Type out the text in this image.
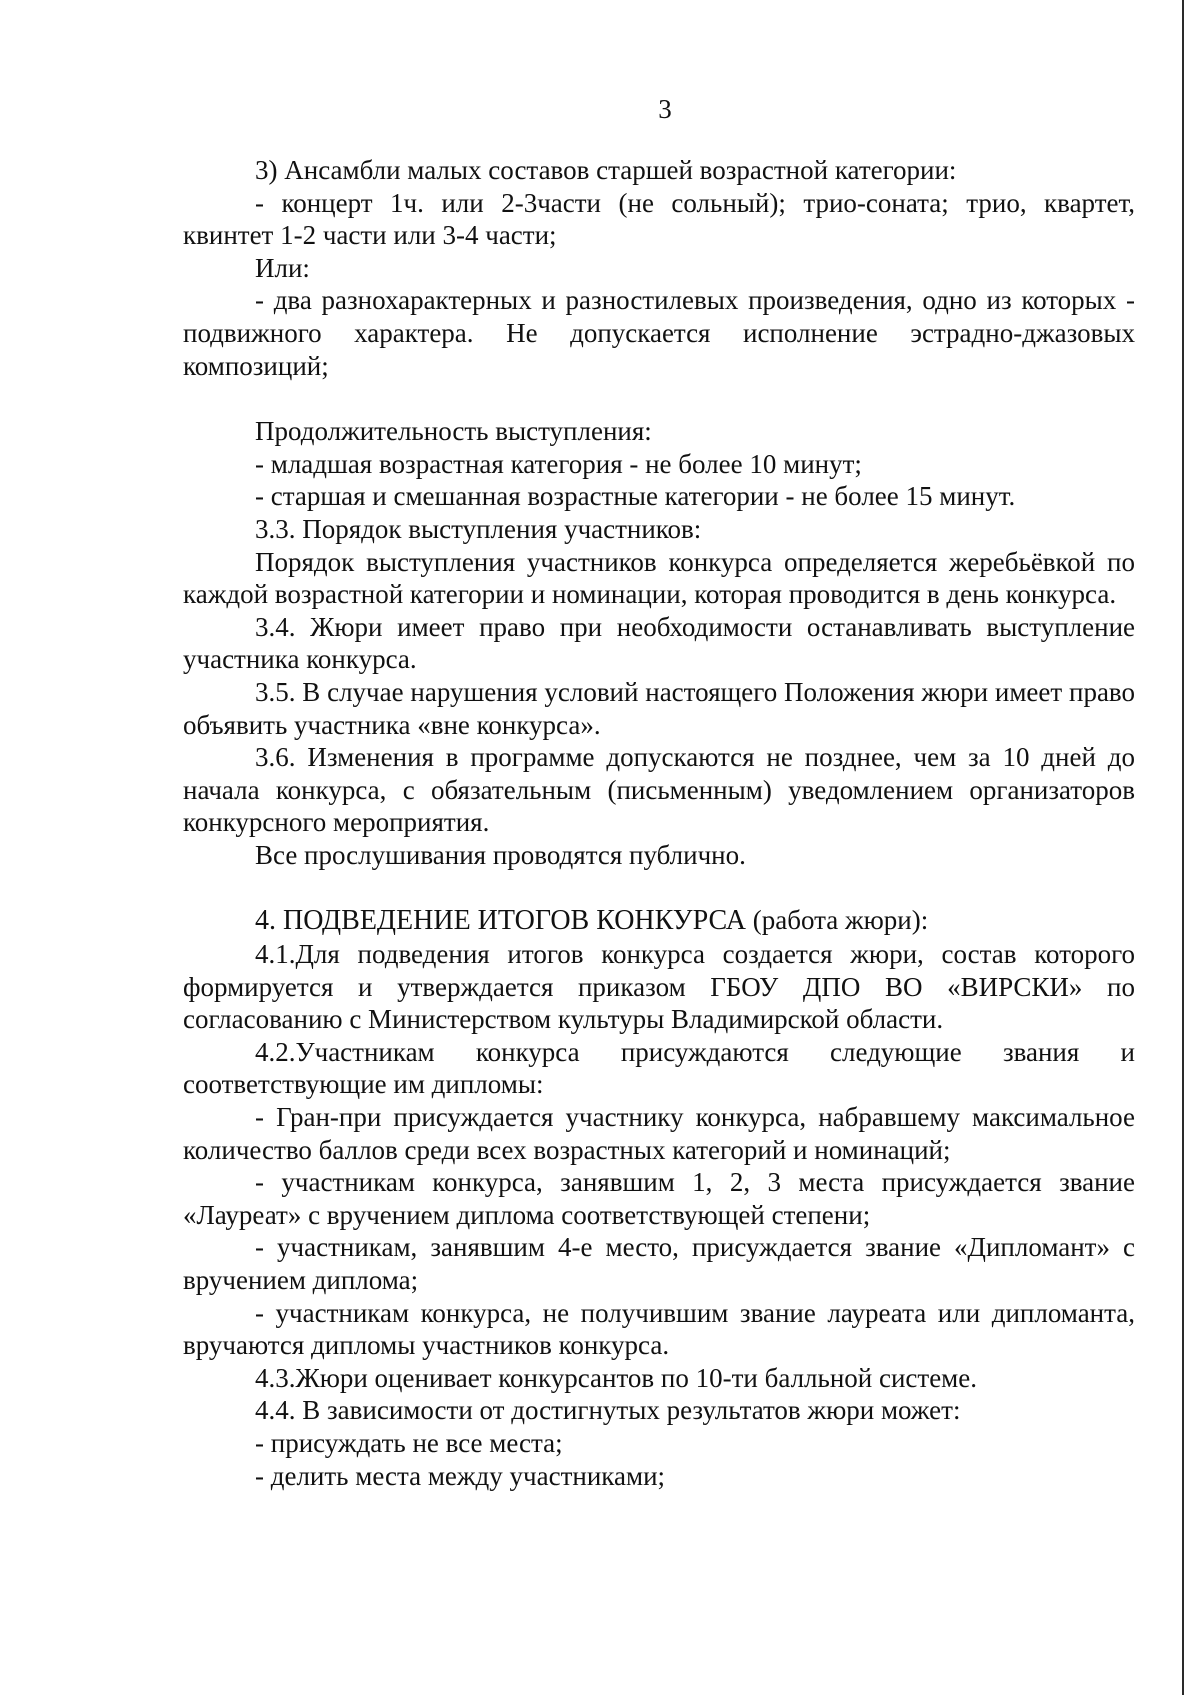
3

3) Ансамбли малых составов старшей возрастной категории:

- концерт 1ч. или 2-3части (не сольный); трио-соната; трио, квартет, квинтет 1-2 части или 3-4 части;

Или:

- два разнохарактерных и разностилевых произведения, одно из которых - подвижного характера. Не допускается исполнение эстрадно-джазовых композиций;

Продолжительность выступления:

- младшая возрастная категория - не более 10 минут;

- старшая и смешанная возрастные категории - не более 15 минут.

3.3. Порядок выступления участников:

Порядок выступления участников конкурса определяется жеребьёвкой по каждой возрастной категории и номинации, которая проводится в день конкурса.

3.4. Жюри имеет право при необходимости останавливать выступление участника конкурса.

3.5. В случае нарушения условий настоящего Положения жюри имеет право объявить участника «вне конкурса».

3.6. Изменения в программе допускаются не позднее, чем за 10 дней до начала конкурса, с обязательным (письменным) уведомлением организаторов конкурсного мероприятия.

Все прослушивания проводятся публично.

4. ПОДВЕДЕНИЕ ИТОГОВ КОНКУРСА (работа жюри):

4.1.Для подведения итогов конкурса создается жюри, состав которого формируется и утверждается приказом ГБОУ ДПО ВО «ВИРСКИ» по согласованию с Министерством культуры Владимирской области.

4.2.Участникам конкурса присуждаются следующие звания и соответствующие им дипломы:

- Гран-при присуждается участнику конкурса, набравшему максимальное количество баллов среди всех возрастных категорий и номинаций;

- участникам конкурса, занявшим 1, 2, 3 места присуждается звание «Лауреат» с вручением диплома соответствующей степени;

- участникам, занявшим 4-е место, присуждается звание «Дипломант» с вручением диплома;

- участникам конкурса, не получившим звание лауреата или дипломанта, вручаются дипломы участников конкурса.

4.3.Жюри оценивает конкурсантов по 10-ти балльной системе.

4.4. В зависимости от достигнутых результатов жюри может:

- присуждать не все места;

- делить места между участниками;
